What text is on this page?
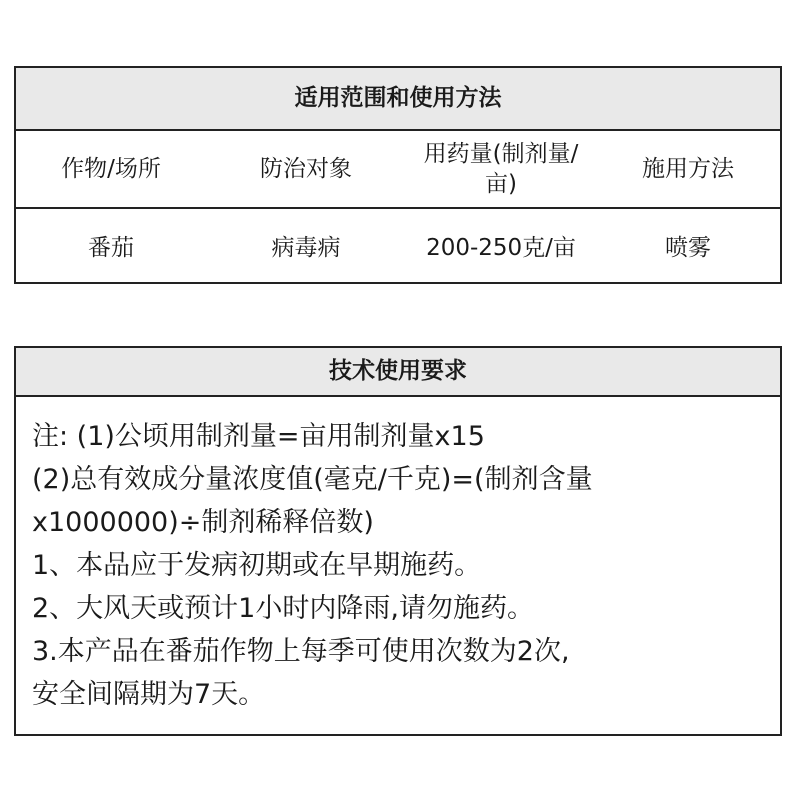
适用范围和使用方法
作物/场所	防治对象	用药量(制剂量/亩)	施用方法
番茄	病毒病	200-250克/亩	喷雾
技术使用要求
注: (1)公顷用制剂量=亩用制剂量x15
(2)总有效成分量浓度值(毫克/千克)=(制剂含量
x1000000)÷制剂稀释倍数)
1、本品应于发病初期或在早期施药。
2、大风天或预计1小时内降雨,请勿施药。
3.本产品在番茄作物上每季可使用次数为2次,
安全间隔期为7天。
